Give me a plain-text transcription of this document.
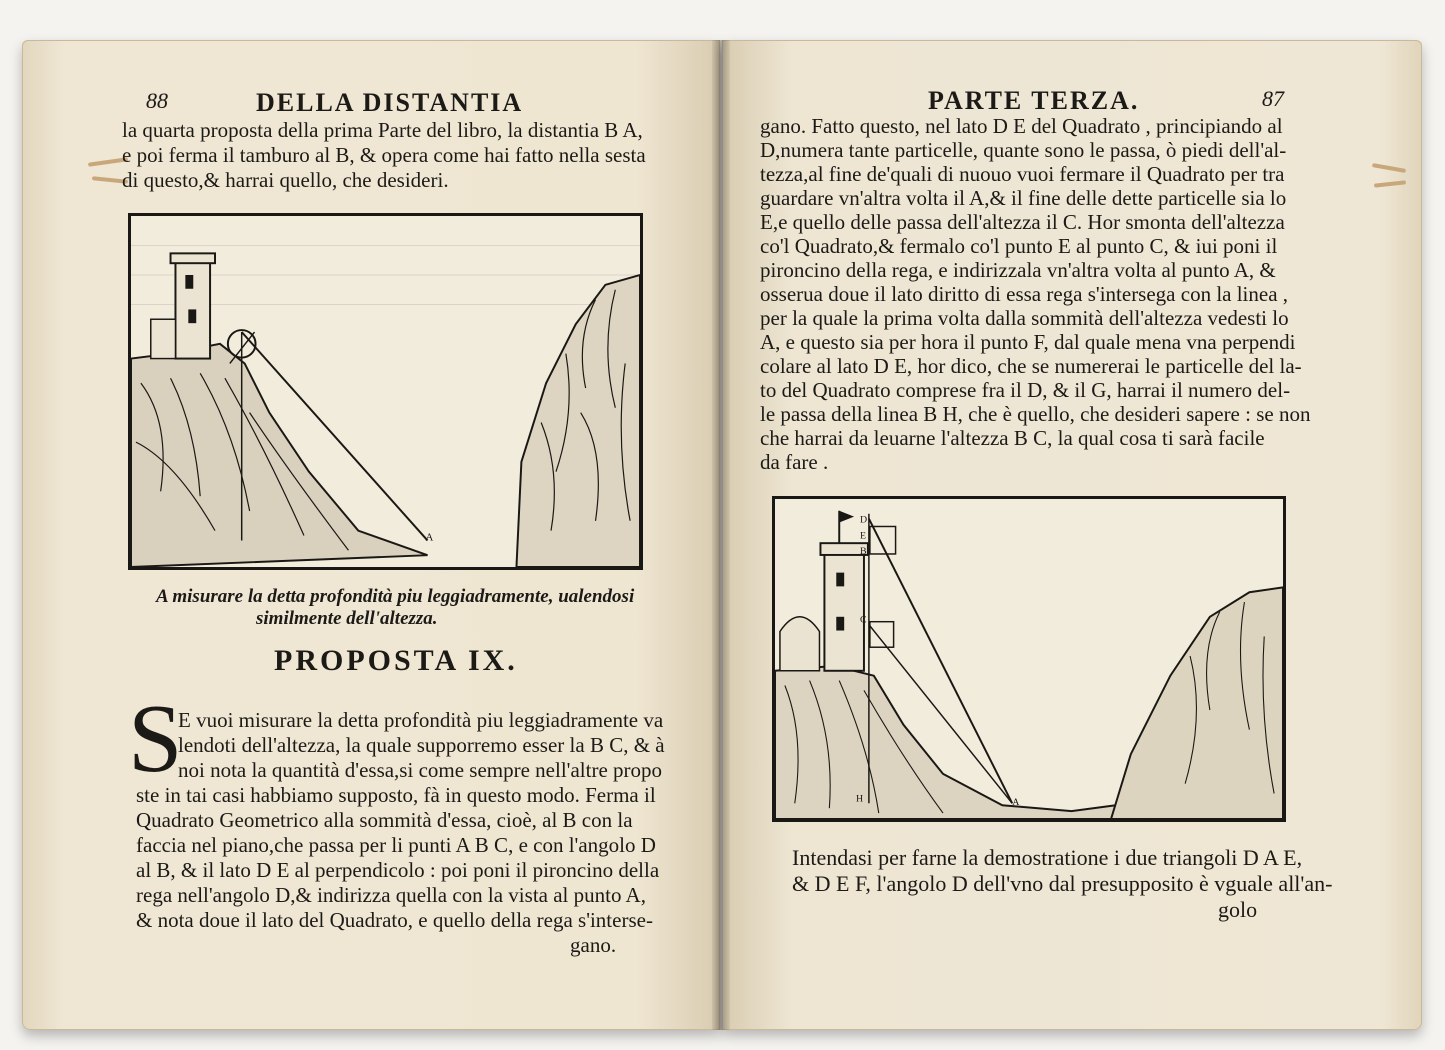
88	DELLA DISTANTIA
la quarta proposta della prima Parte del libro, la distantia B A,
e poi ferma il tamburo al B, & opera come hai fatto nella sesta
di questo,& harrai quello, che desideri.
A
A misurare la detta profondità piu leggiadramente, ualendosi
similmente dell'altezza.
PROPOSTA IX.
S
E vuoi misurare la detta profondità piu leggiadramente va
lendoti dell'altezza, la quale supporremo esser la B C, & à
noi nota la quantità d'essa,si come sempre nell'altre propo
ste in tai casi habbiamo supposto, fà in questo modo. Ferma il
Quadrato Geometrico alla sommità d'essa, cioè, al B con la
faccia nel piano,che passa per li punti A B C, e con l'angolo D
al B, & il lato D E al perpendicolo : poi poni il pironcino della
rega nell'angolo D,& indirizza quella con la vista al punto A,
& nota doue il lato del Quadrato, e quello della rega s'interse-
gano.
PARTE TERZA.	87
gano. Fatto questo, nel lato D E del Quadrato , principiando al
D,numera tante particelle, quante sono le passa, ò piedi dell'al-
tezza,al fine de'quali di nuouo vuoi fermare il Quadrato per tra
guardare vn'altra volta il A,& il fine delle dette particelle sia lo
E,e quello delle passa dell'altezza il C. Hor smonta dell'altezza
co'l Quadrato,& fermalo co'l punto E al punto C, & iui poni il
pironcino della rega, e indirizzala vn'altra volta al punto A, &
osserua doue il lato diritto di essa rega s'intersega con la linea ,
per la quale la prima volta dalla sommità dell'altezza vedesti lo
A, e questo sia per hora il punto F, dal quale mena vna perpendi
colare al lato D E, hor dico, che se numererai le particelle del la-
to del Quadrato comprese fra il D, & il G, harrai il numero del-
le passa della linea B H, che è quello, che desideri sapere : se non
che harrai da leuarne l'altezza B C, la qual cosa ti sarà facile
da fare .
D
E
B
C
H	A
Intendasi per farne la demostratione i due triangoli D A E,
& D E F, l'angolo D dell'vno dal presupposito è vguale all'an-
golo
